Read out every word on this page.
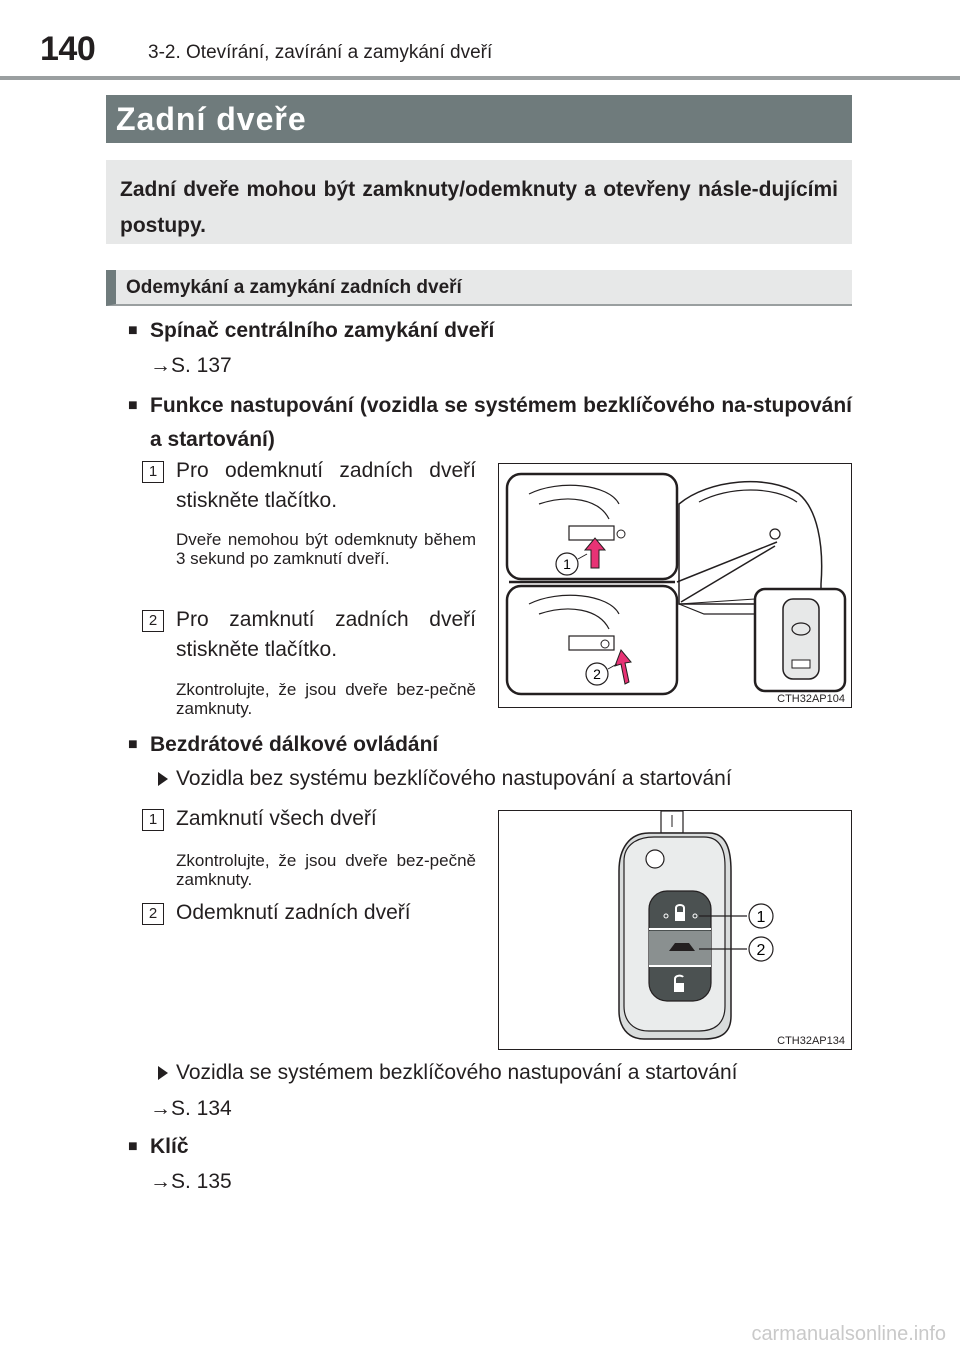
140	3-2. Otevírání, zavírání a zamykání dveří
Zadní dveře
Zadní dveře mohou být zamknuty/odemknuty a otevřeny násle-dujícími postupy.
Odemykání a zamykání zadních dveří
■ Spínač centrálního zamykání dveří
→S. 137
■ Funkce nastupování (vozidla se systémem bezklíčového na-stupování a startování)
1 Pro odemknutí zadních dveří stiskněte tlačítko.
Dveře nemohou být odemknuty během 3 sekund po zamknutí dveří.
2 Pro zamknutí zadních dveří stiskněte tlačítko.
Zkontrolujte, že jsou dveře bez-pečně zamknuty.
1
2
CTH32AP104
■ Bezdrátové dálkové ovládání
Vozidla bez systému bezklíčového nastupování a startování
1 Zamknutí všech dveří
Zkontrolujte, že jsou dveře bez-pečně zamknuty.
2 Odemknutí zadních dveří	1
2
CTH32AP134
Vozidla se systémem bezklíčového nastupování a startování
→S. 134
■ Klíč
→S. 135
carmanualsonline.info
